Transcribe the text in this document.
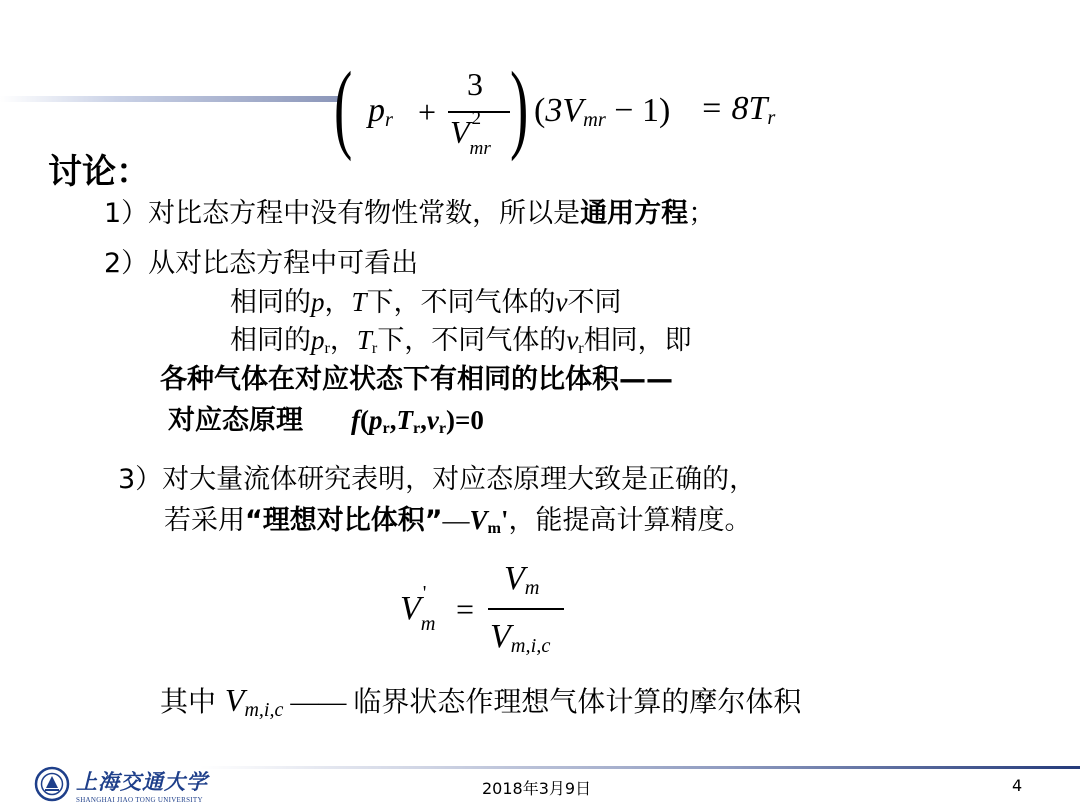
( $p_r$ +
3
V 2
$_{mr}$ ) $(3V_{mr} - 1) = 8T_r$
讨论：
1）对比态方程中没有物性常数，所以是通用方程；
2）从对比态方程中可看出
相同的p，T下，不同气体的v不同
相同的$p_r$，$T_r$下，不同气体的$v_r$相同，即
各种气体在对应状态下有相同的比体积——
对应态原理 $f(p_r,T_r,v_r)=0$
3）对大量流体研究表明，对应态原理大致是正确的，
若采用“理想对比体积$”—V_m'$，能提高计算精度。
V '
$_m$ =
$V_m$
$V_{m,i,c}$
其中 $V_{m,i,c}$ —— 临界状态作理想气体计算的摩尔体积
上海交通大学
SHANGHAI JIAO TONG UNIVERSITY
2018年3月9日	4
